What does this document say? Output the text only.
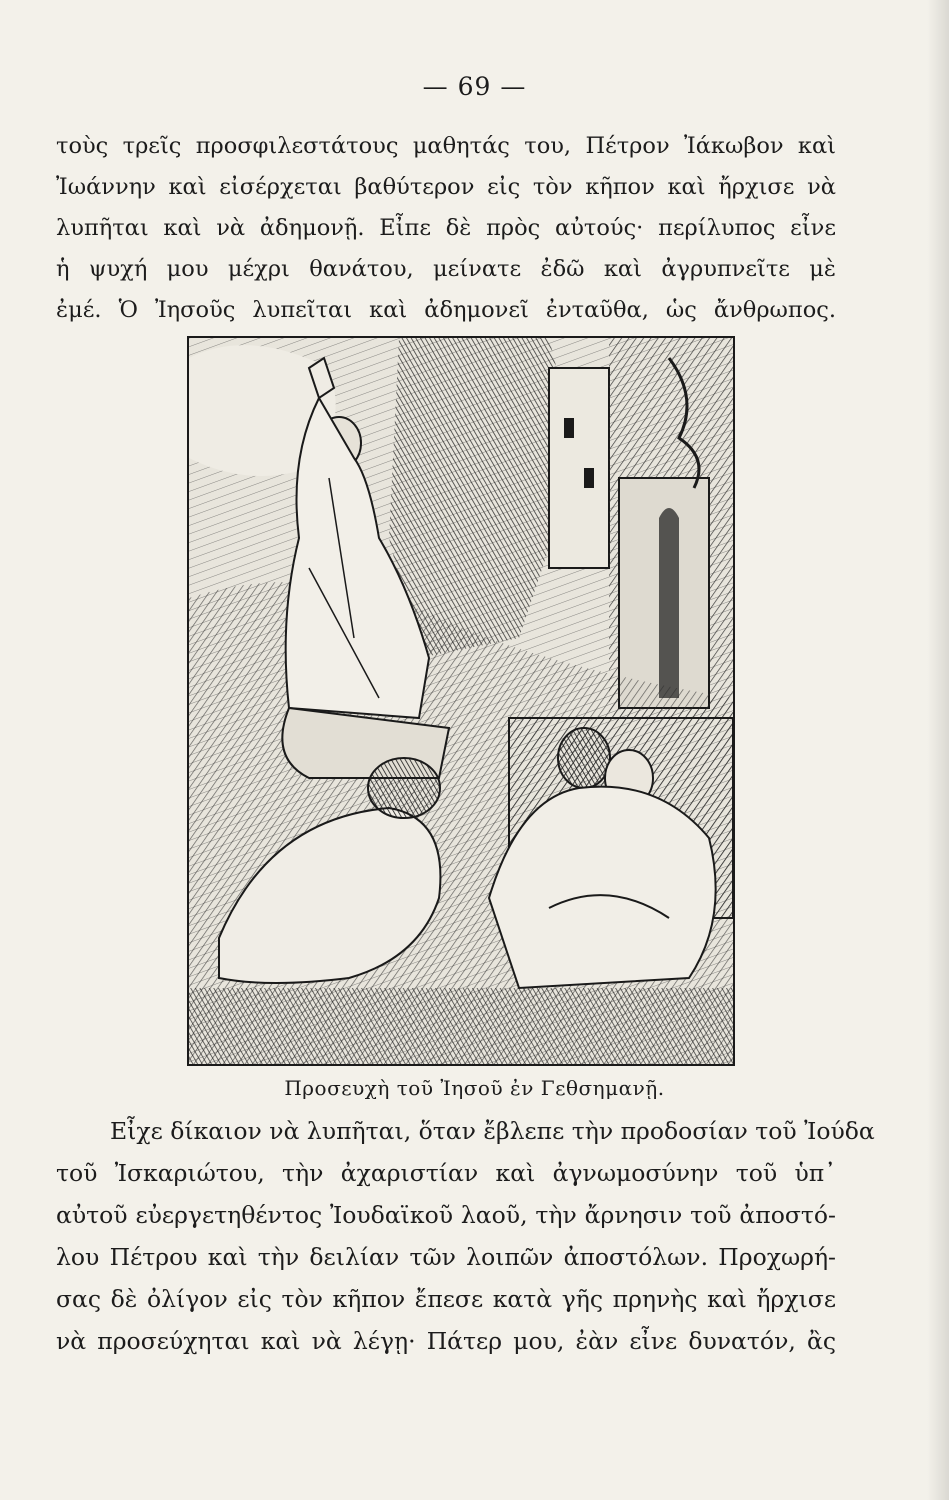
— 69 —
τοὺς τρεῖς προσφιλεστάτους μαθητάς του, Πέτρον Ἰάκωβον καὶ
Ἰωάννην καὶ εἰσέρχεται βαθύτερον εἰς τὸν κῆπον καὶ ἤρχισε νὰ
λυπῆται καὶ νὰ ἀδημονῇ. Εἶπε δὲ πρὸς αὐτούς· περίλυπος εἶνε
ἡ ψυχή μου μέχρι θανάτου, μείνατε ἐδῶ καὶ ἀγρυπνεῖτε μὲ
ἐμέ. Ὁ Ἰησοῦς λυπεῖται καὶ ἀδημονεῖ ἐνταῦθα, ὡς ἄνθρωπος.
Προσευχὴ τοῦ Ἰησοῦ ἐν Γεθσημανῇ.
Εἶχε δίκαιον νὰ λυπῆται, ὅταν ἔβλεπε τὴν προδοσίαν τοῦ Ἰούδα
τοῦ Ἰσκαριώτου, τὴν ἀχαριστίαν καὶ ἀγνωμοσύνην τοῦ ὑπ᾽
αὐτοῦ εὐεργετηθέντος Ἰουδαϊκοῦ λαοῦ, τὴν ἄρνησιν τοῦ ἀποστό-
λου Πέτρου καὶ τὴν δειλίαν τῶν λοιπῶν ἀποστόλων. Προχωρή-
σας δὲ ὀλίγον εἰς τὸν κῆπον ἔπεσε κατὰ γῆς πρηνὴς καὶ ἤρχισε
νὰ προσεύχηται καὶ νὰ λέγῃ· Πάτερ μου, ἐὰν εἶνε δυνατόν, ἂς
